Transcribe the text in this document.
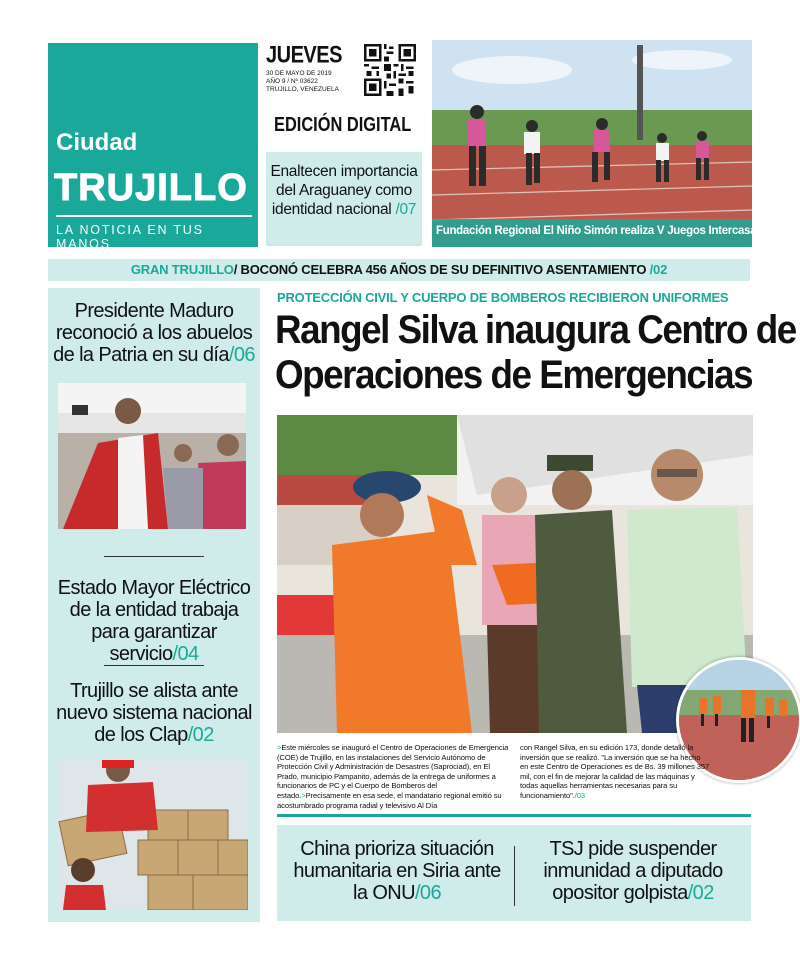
Ciudad
TRUJILLO
LA NOTICIA EN TUS MANOS
JUEVES
30 DE MAYO DE 2019
AÑO 9 / Nº 03622
TRUJILLO, VENEZUELA
EDICIÓN DIGITAL
Enaltecen importancia del Araguaney como identidad nacional /07
Fundación Regional El Niño Simón realiza V Juegos Intercasas/07
GRAN TRUJILLO/ BOCONÓ CELEBRA 456 AÑOS DE SU DEFINITIVO ASENTAMIENTO /02
Presidente Maduro reconoció a los abuelos de la Patria en su día/06
Estado Mayor Eléctrico de la entidad trabaja para garantizar servicio/04
Trujillo se alista ante nuevo sistema nacional de los Clap/02
PROTECCIÓN CIVIL Y CUERPO DE BOMBEROS RECIBIERON UNIFORMES
Rangel Silva inaugura Centro de
Operaciones de Emergencias
>Este miércoles se inauguró el Centro de Operaciones de Emergencia (COE) de Trujillo, en las instalaciones del Servicio Autónomo de Protección Civil y Administración de Desastres (Saprociad), en El Prado, municipio Pampanito, además de la entrega de uniformes a funcionarios de PC y el Cuerpo de Bomberos del estado.>Precisamente en esa sede, el mandatario regional emitió su acostumbrado programa radial y televisivo Al Día
con Rangel Silva, en su edición 173, donde detalló la inversión que se realizó. "La inversión que se ha hecho en este Centro de Operaciones es de Bs. 39 millones 357 mil, con el fin de mejorar la calidad de las máquinas y todas aquellas herramientas necesarias para su funcionamiento"./03
China prioriza situación humanitaria en Siria ante la ONU/06
TSJ pide suspender inmunidad a diputado opositor golpista/02
